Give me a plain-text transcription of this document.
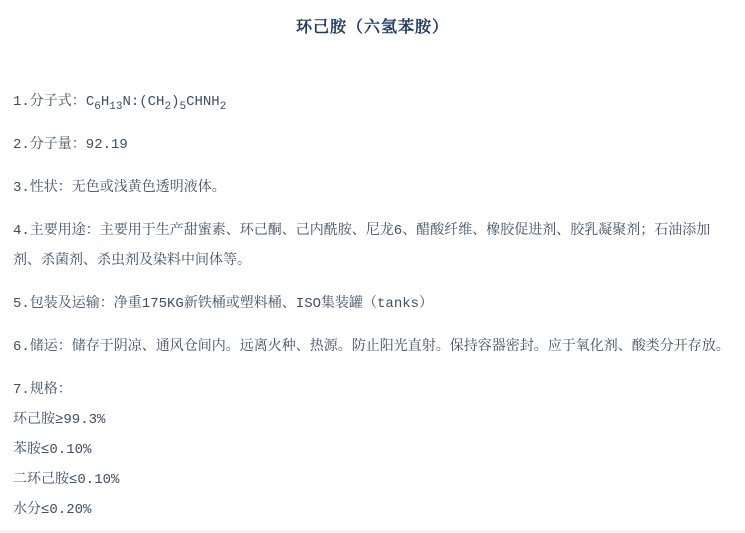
环己胺（六氢苯胺）

1.分子式：$C_6H_{13}N:(CH_2)_5CHNH_2$

2.分子量：92.19

3.性状：无色或浅黄色透明液体。

4.主要用途：主要用于生产甜蜜素、环己酮、己内酰胺、尼龙6、醋酸纤维、橡胶促进剂、胶乳凝聚剂；石油添加剂、杀菌剂、杀虫剂及染料中间体等。

5.包装及运输：净重175KG新铁桶或塑料桶、ISO集装罐（tanks）

6.储运：储存于阴凉、通风仓间内。远离火种、热源。防止阳光直射。保持容器密封。应于氧化剂、酸类分开存放。

7.规格：

环己胺≥99.3%
苯胺≤0.10%
二环己胺≤0.10%
水分≤0.20%
